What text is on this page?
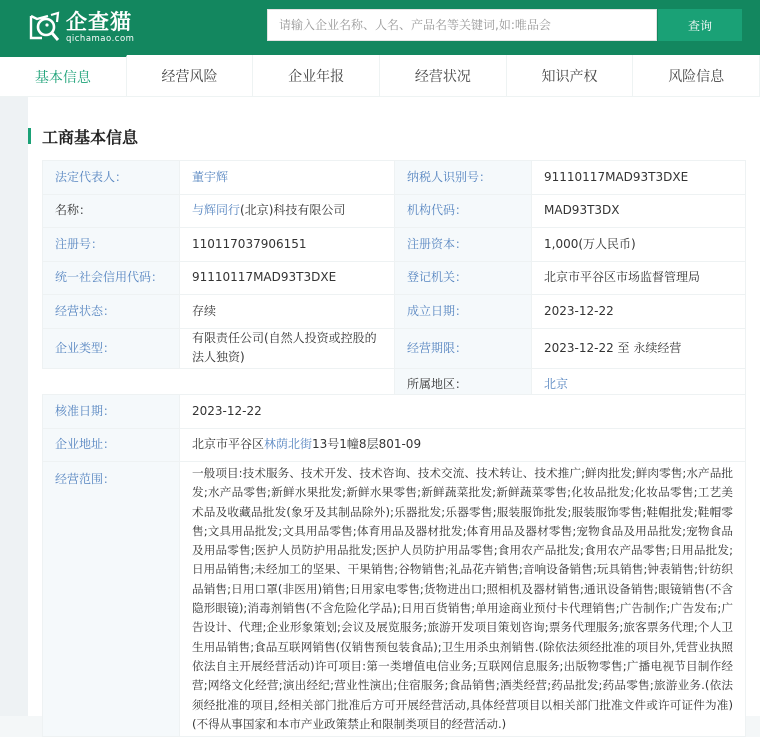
企查猫
qichamao.com
请输入企业名称、人名、产品名等关键词,如:唯品会
查询
基本信息	经营风险	企业年报	经营状况	知识产权	风险信息
工商基本信息
法定代表人：	董宇辉	纳税人识别号：	91110117MAD93T3DXE
名称：	与辉同行(北京)科技有限公司	机构代码：	MAD93T3DX
注册号：	110117037906151	注册资本：	1,000(万人民币)
统一社会信用代码：	91110117MAD93T3DXE	登记机关：	北京市平谷区市场监督管理局
经营状态：	存续	成立日期：	2023-12-22
企业类型：	有限责任公司(自然人投资或控股的法人独资)	经营期限：	2023-12-22 至 永续经营
		所属地区：	北京
核准日期：	2023-12-22
企业地址：	北京市平谷区林荫北街13号1幢8层801-09
经营范围：	一般项目:技术服务、技术开发、技术咨询、技术交流、技术转让、技术推广;鲜肉批发;鲜肉零售;水产品批发;水产品零售;新鲜水果批发;新鲜水果零售;新鲜蔬菜批发;新鲜蔬菜零售;化妆品批发;化妆品零售;工艺美术品及收藏品批发(象牙及其制品除外);乐器批发;乐器零售;服装服饰批发;服装服饰零售;鞋帽批发;鞋帽零售;文具用品批发;文具用品零售;体育用品及器材批发;体育用品及器材零售;宠物食品及用品批发;宠物食品及用品零售;医护人员防护用品批发;医护人员防护用品零售;食用农产品批发;食用农产品零售;日用品批发;日用品销售;未经加工的坚果、干果销售;谷物销售;礼品花卉销售;音响设备销售;玩具销售;钟表销售;针纺织品销售;日用口罩(非医用)销售;日用家电零售;货物进出口;照相机及器材销售;通讯设备销售;眼镜销售(不含隐形眼镜);消毒剂销售(不含危险化学品);日用百货销售;单用途商业预付卡代理销售;广告制作;广告发布;广告设计、代理;企业形象策划;会议及展览服务;旅游开发项目策划咨询;票务代理服务;旅客票务代理;个人卫生用品销售;食品互联网销售(仅销售预包装食品);卫生用杀虫剂销售.(除依法须经批准的项目外,凭营业执照依法自主开展经营活动)许可项目:第一类增值电信业务;互联网信息服务;出版物零售;广播电视节目制作经营;网络文化经营;演出经纪;营业性演出;住宿服务;食品销售;酒类经营;药品批发;药品零售;旅游业务.(依法须经批准的项目,经相关部门批准后方可开展经营活动,具体经营项目以相关部门批准文件或许可证件为准)(不得从事国家和本市产业政策禁止和限制类项目的经营活动.)
